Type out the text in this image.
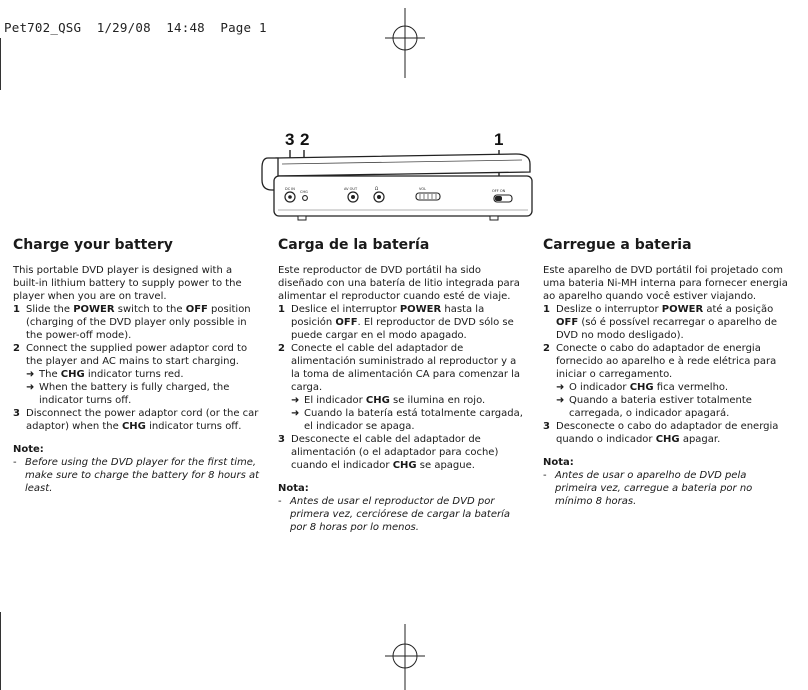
Pet702_QSG 1/29/08 14:48 Page 1
3 2	1
DC IN
CHG
AV OUT	Ω	VOL	OFF ON
Charge your battery
This portable DVD player is designed with a built-in lithium battery to supply power to the player when you are on travel.
1 Slide the POWER switch to the OFF position (charging of the DVD player only possible in the power-off mode).
2 Connect the supplied power adaptor cord to the player and AC mains to start charging.
➜ The CHG indicator turns red.
➜ When the battery is fully charged, the indicator turns off.
3 Disconnect the power adaptor cord (or the car adaptor) when the CHG indicator turns off.
Note:
- Before using the DVD player for the first time, make sure to charge the battery for 8 hours at least.
Carga de la batería
Este reproductor de DVD portátil ha sido diseñado con una batería de litio integrada para alimentar el reproductor cuando esté de viaje.
1 Deslice el interruptor POWER hasta la posición OFF. El reproductor de DVD sólo se puede cargar en el modo apagado.
2 Conecte el cable del adaptador de alimentación suministrado al reproductor y a la toma de alimentación CA para comenzar la carga.
➜ El indicador CHG se ilumina en rojo.
➜ Cuando la batería está totalmente cargada, el indicador se apaga.
3 Desconecte el cable del adaptador de alimentación (o el adaptador para coche) cuando el indicador CHG se apague.
Nota:
- Antes de usar el reproductor de DVD por primera vez, cerciórese de cargar la batería por 8 horas por lo menos.
Carregue a bateria
Este aparelho de DVD portátil foi projetado com uma bateria Ni-MH interna para fornecer energia ao aparelho quando você estiver viajando.
1 Deslize o interruptor POWER até a posição OFF (só é possível recarregar o aparelho de DVD no modo desligado).
2 Conecte o cabo do adaptador de energia fornecido ao aparelho e à rede elétrica para iniciar o carregamento.
➜ O indicador CHG fica vermelho.
➜ Quando a bateria estiver totalmente carregada, o indicador apagará.
3 Desconecte o cabo do adaptador de energia quando o indicador CHG apagar.
Nota:
- Antes de usar o aparelho de DVD pela primeira vez, carregue a bateria por no mínimo 8 horas.
